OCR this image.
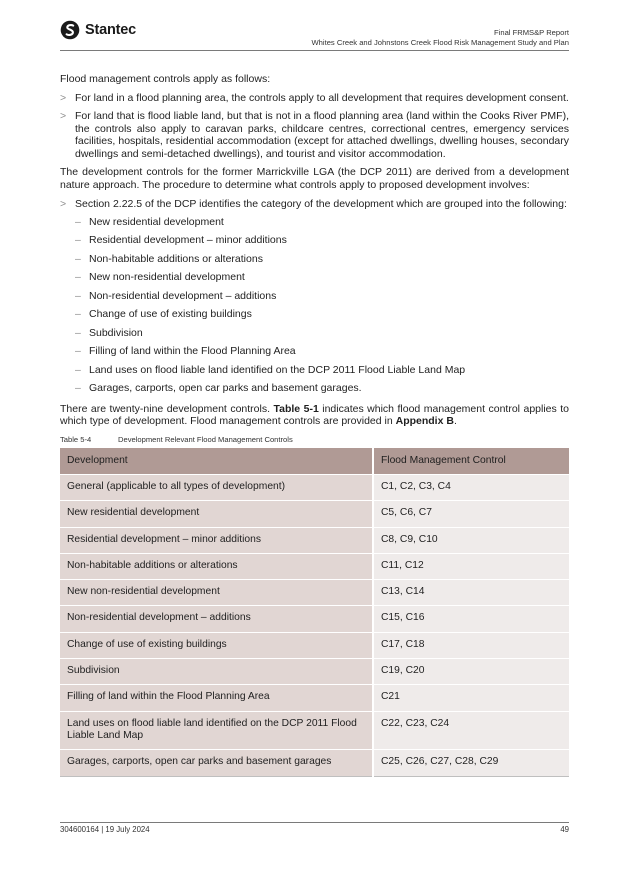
Stantec	Final FRMS&P Report
Whites Creek and Johnstons Creek Flood Risk Management Study and Plan

Flood management controls apply as follows:

> For land in a flood planning area, the controls apply to all development that requires development consent.
> For land that is flood liable land, but that is not in a flood planning area (land within the Cooks River PMF), the controls also apply to caravan parks, childcare centres, correctional centres, emergency services facilities, hospitals, residential accommodation (except for attached dwellings, dwelling houses, secondary dwellings and semi-detached dwellings), and tourist and visitor accommodation.

The development controls for the former Marrickville LGA (the DCP 2011) are derived from a development nature approach. The procedure to determine what controls apply to proposed development involves:

> Section 2.22.5 of the DCP identifies the category of the development which are grouped into the following:
– New residential development
– Residential development – minor additions
– Non-habitable additions or alterations
– New non-residential development
– Non-residential development – additions
– Change of use of existing buildings
– Subdivision
– Filling of land within the Flood Planning Area
– Land uses on flood liable land identified on the DCP 2011 Flood Liable Land Map
– Garages, carports, open car parks and basement garages.

There are twenty-nine development controls. Table 5-1 indicates which flood management control applies to which type of development. Flood management controls are provided in Appendix B.

Table 5-4	Development Relevant Flood Management Controls
Development	Flood Management Control
General (applicable to all types of development)	C1, C2, C3, C4
New residential development	C5, C6, C7
Residential development – minor additions	C8, C9, C10
Non-habitable additions or alterations	C11, C12
New non-residential development	C13, C14
Non-residential development – additions	C15, C16
Change of use of existing buildings	C17, C18
Subdivision	C19, C20
Filling of land within the Flood Planning Area	C21
Land uses on flood liable land identified on the DCP 2011 Flood Liable Land Map	C22, C23, C24
Garages, carports, open car parks and basement garages	C25, C26, C27, C28, C29
304600164 | 19 July 2024	49
